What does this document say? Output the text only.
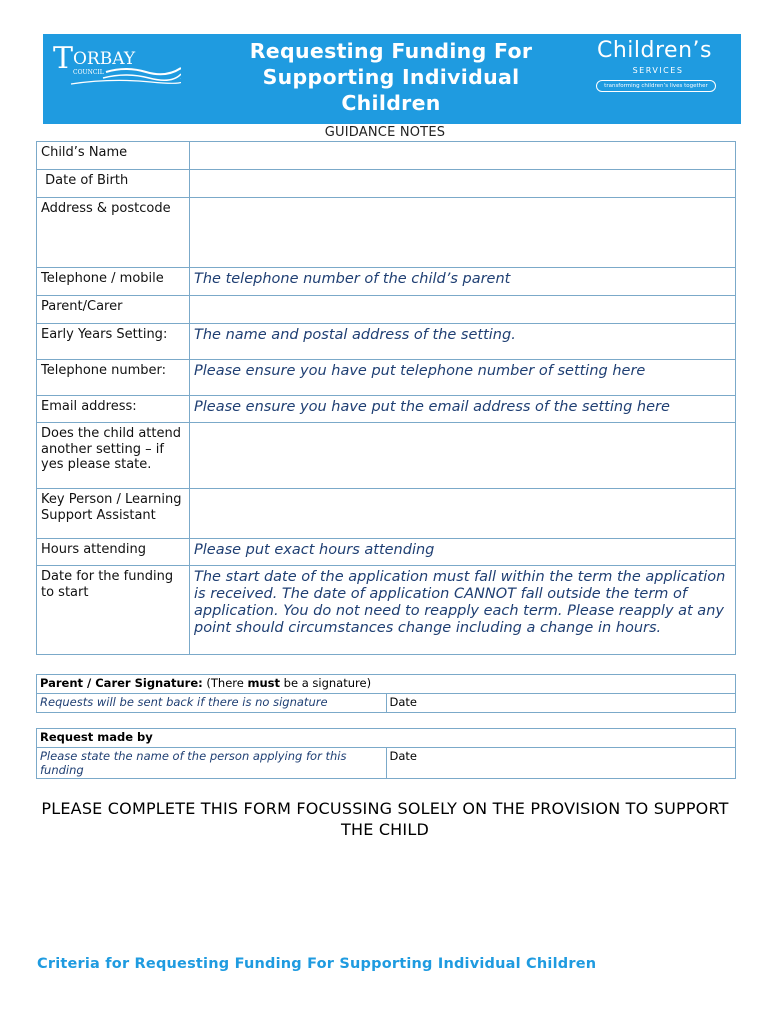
T ORBAY
COUNCIL
Requesting Funding For
Supporting Individual
Children
Children’s
SERVICES
transforming children’s lives together
GUIDANCE NOTES
Child’s Name	
Date of Birth	
Address & postcode	
Telephone / mobile	The telephone number of the child’s parent
Parent/Carer	
Early Years Setting:	The name and postal address of the setting.
Telephone number:	Please ensure you have put telephone number of setting here
Email address:	Please ensure you have put the email address of the setting here
Does the child attend another setting – if yes please state.	
Key Person / Learning Support Assistant	
Hours attending	Please put exact hours attending
Date for the funding to start	The start date of the application must fall within the term the application is received. The date of application CANNOT fall outside the term of application. You do not need to reapply each term. Please reapply at any point should circumstances change including a change in hours.
Parent / Carer Signature: (There must be a signature)
Requests will be sent back if there is no signature	Date
Request made by
Please state the name of the person applying for this funding	Date
PLEASE COMPLETE THIS FORM FOCUSSING SOLELY ON THE PROVISION TO SUPPORT THE CHILD
Criteria for Requesting Funding For Supporting Individual Children
